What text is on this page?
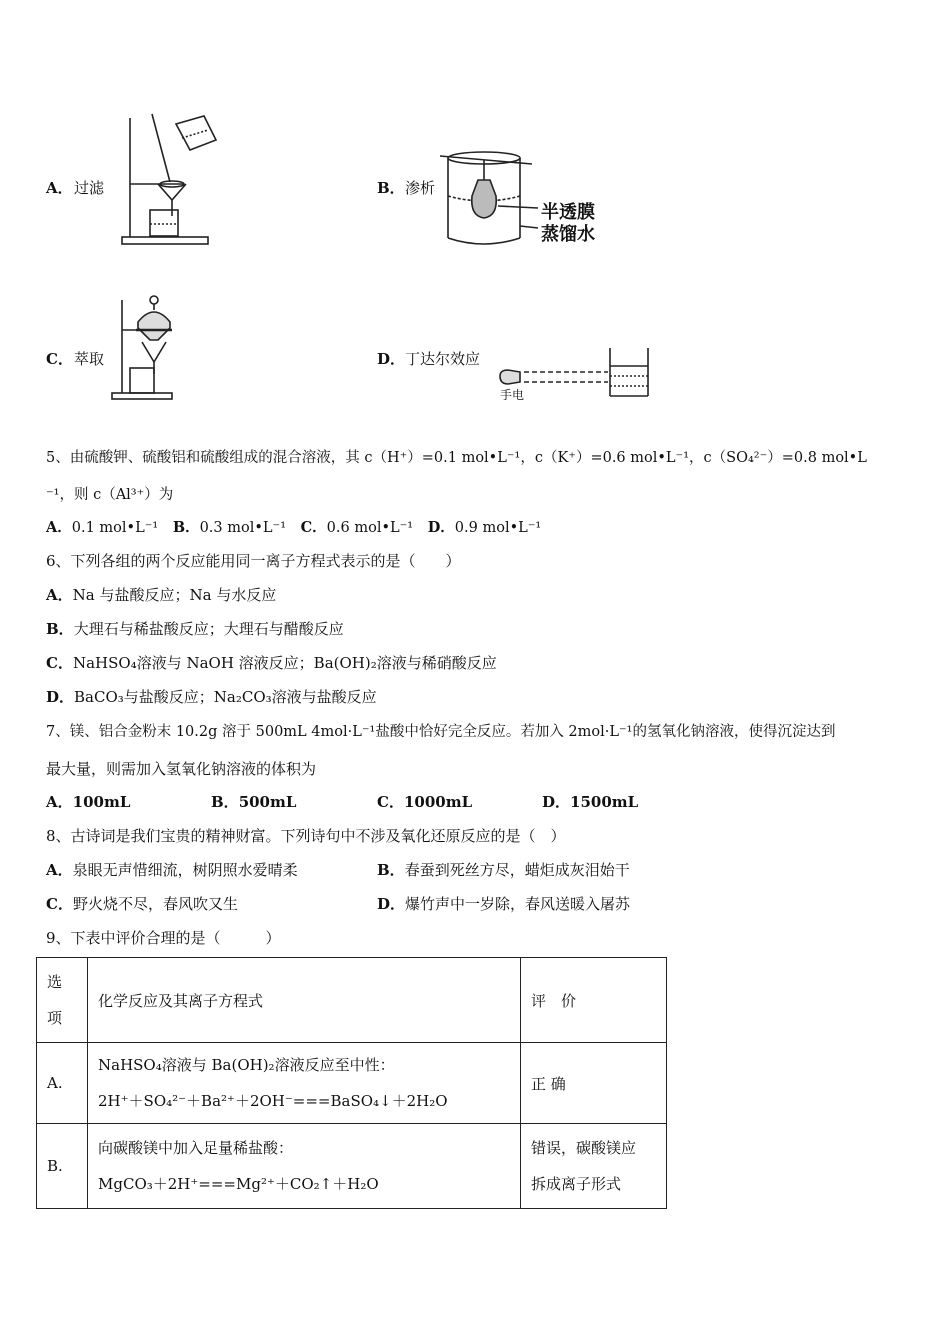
A． 过滤	B． 渗析
半透膜
蒸馏水
C． 萃取	D． 丁达尔效应
手电
5、由硫酸钾、硫酸铝和硫酸组成的混合溶液，其 c（H⁺）=0.1 mol•L⁻¹，c（K⁺）=0.6 mol•L⁻¹，c（SO₄²⁻）=0.8 mol•L
⁻¹，则 c（Al³⁺）为
A．0.1 mol•L⁻¹ B．0.3 mol•L⁻¹ C．0.6 mol•L⁻¹ D．0.9 mol•L⁻¹
6、下列各组的两个反应能用同一离子方程式表示的是（　　）
A．Na 与盐酸反应；Na 与水反应
B．大理石与稀盐酸反应；大理石与醋酸反应
C．NaHSO₄溶液与 NaOH 溶液反应；Ba(OH)₂溶液与稀硝酸反应
D．BaCO₃与盐酸反应；Na₂CO₃溶液与盐酸反应
7、镁、铝合金粉末 10.2g 溶于 500mL 4mol·L⁻¹盐酸中恰好完全反应。若加入 2mol·L⁻¹的氢氧化钠溶液，使得沉淀达到
最大量，则需加入氢氧化钠溶液的体积为
A．100mL	B．500mL	C．1000mL	D．1500mL
8、古诗词是我们宝贵的精神财富。下列诗句中不涉及氧化还原反应的是（　）
A．泉眼无声惜细流，树阴照水爱晴柔	B．春蚕到死丝方尽，蜡炬成灰泪始干
C．野火烧不尽，春风吹又生	D．爆竹声中一岁除，春风送暖入屠苏
9、下表中评价合理的是（　　　）
选
项	化学反应及其离子方程式	评　价
A.	NaHSO₄溶液与 Ba(OH)₂溶液反应至中性：
2H⁺＋SO₄²⁻＋Ba²⁺＋2OH⁻===BaSO₄↓＋2H₂O	正 确
B.	向碳酸镁中加入足量稀盐酸：
MgCO₃＋2H⁺===Mg²⁺＋CO₂↑＋H₂O	错误，碳酸镁应
拆成离子形式
